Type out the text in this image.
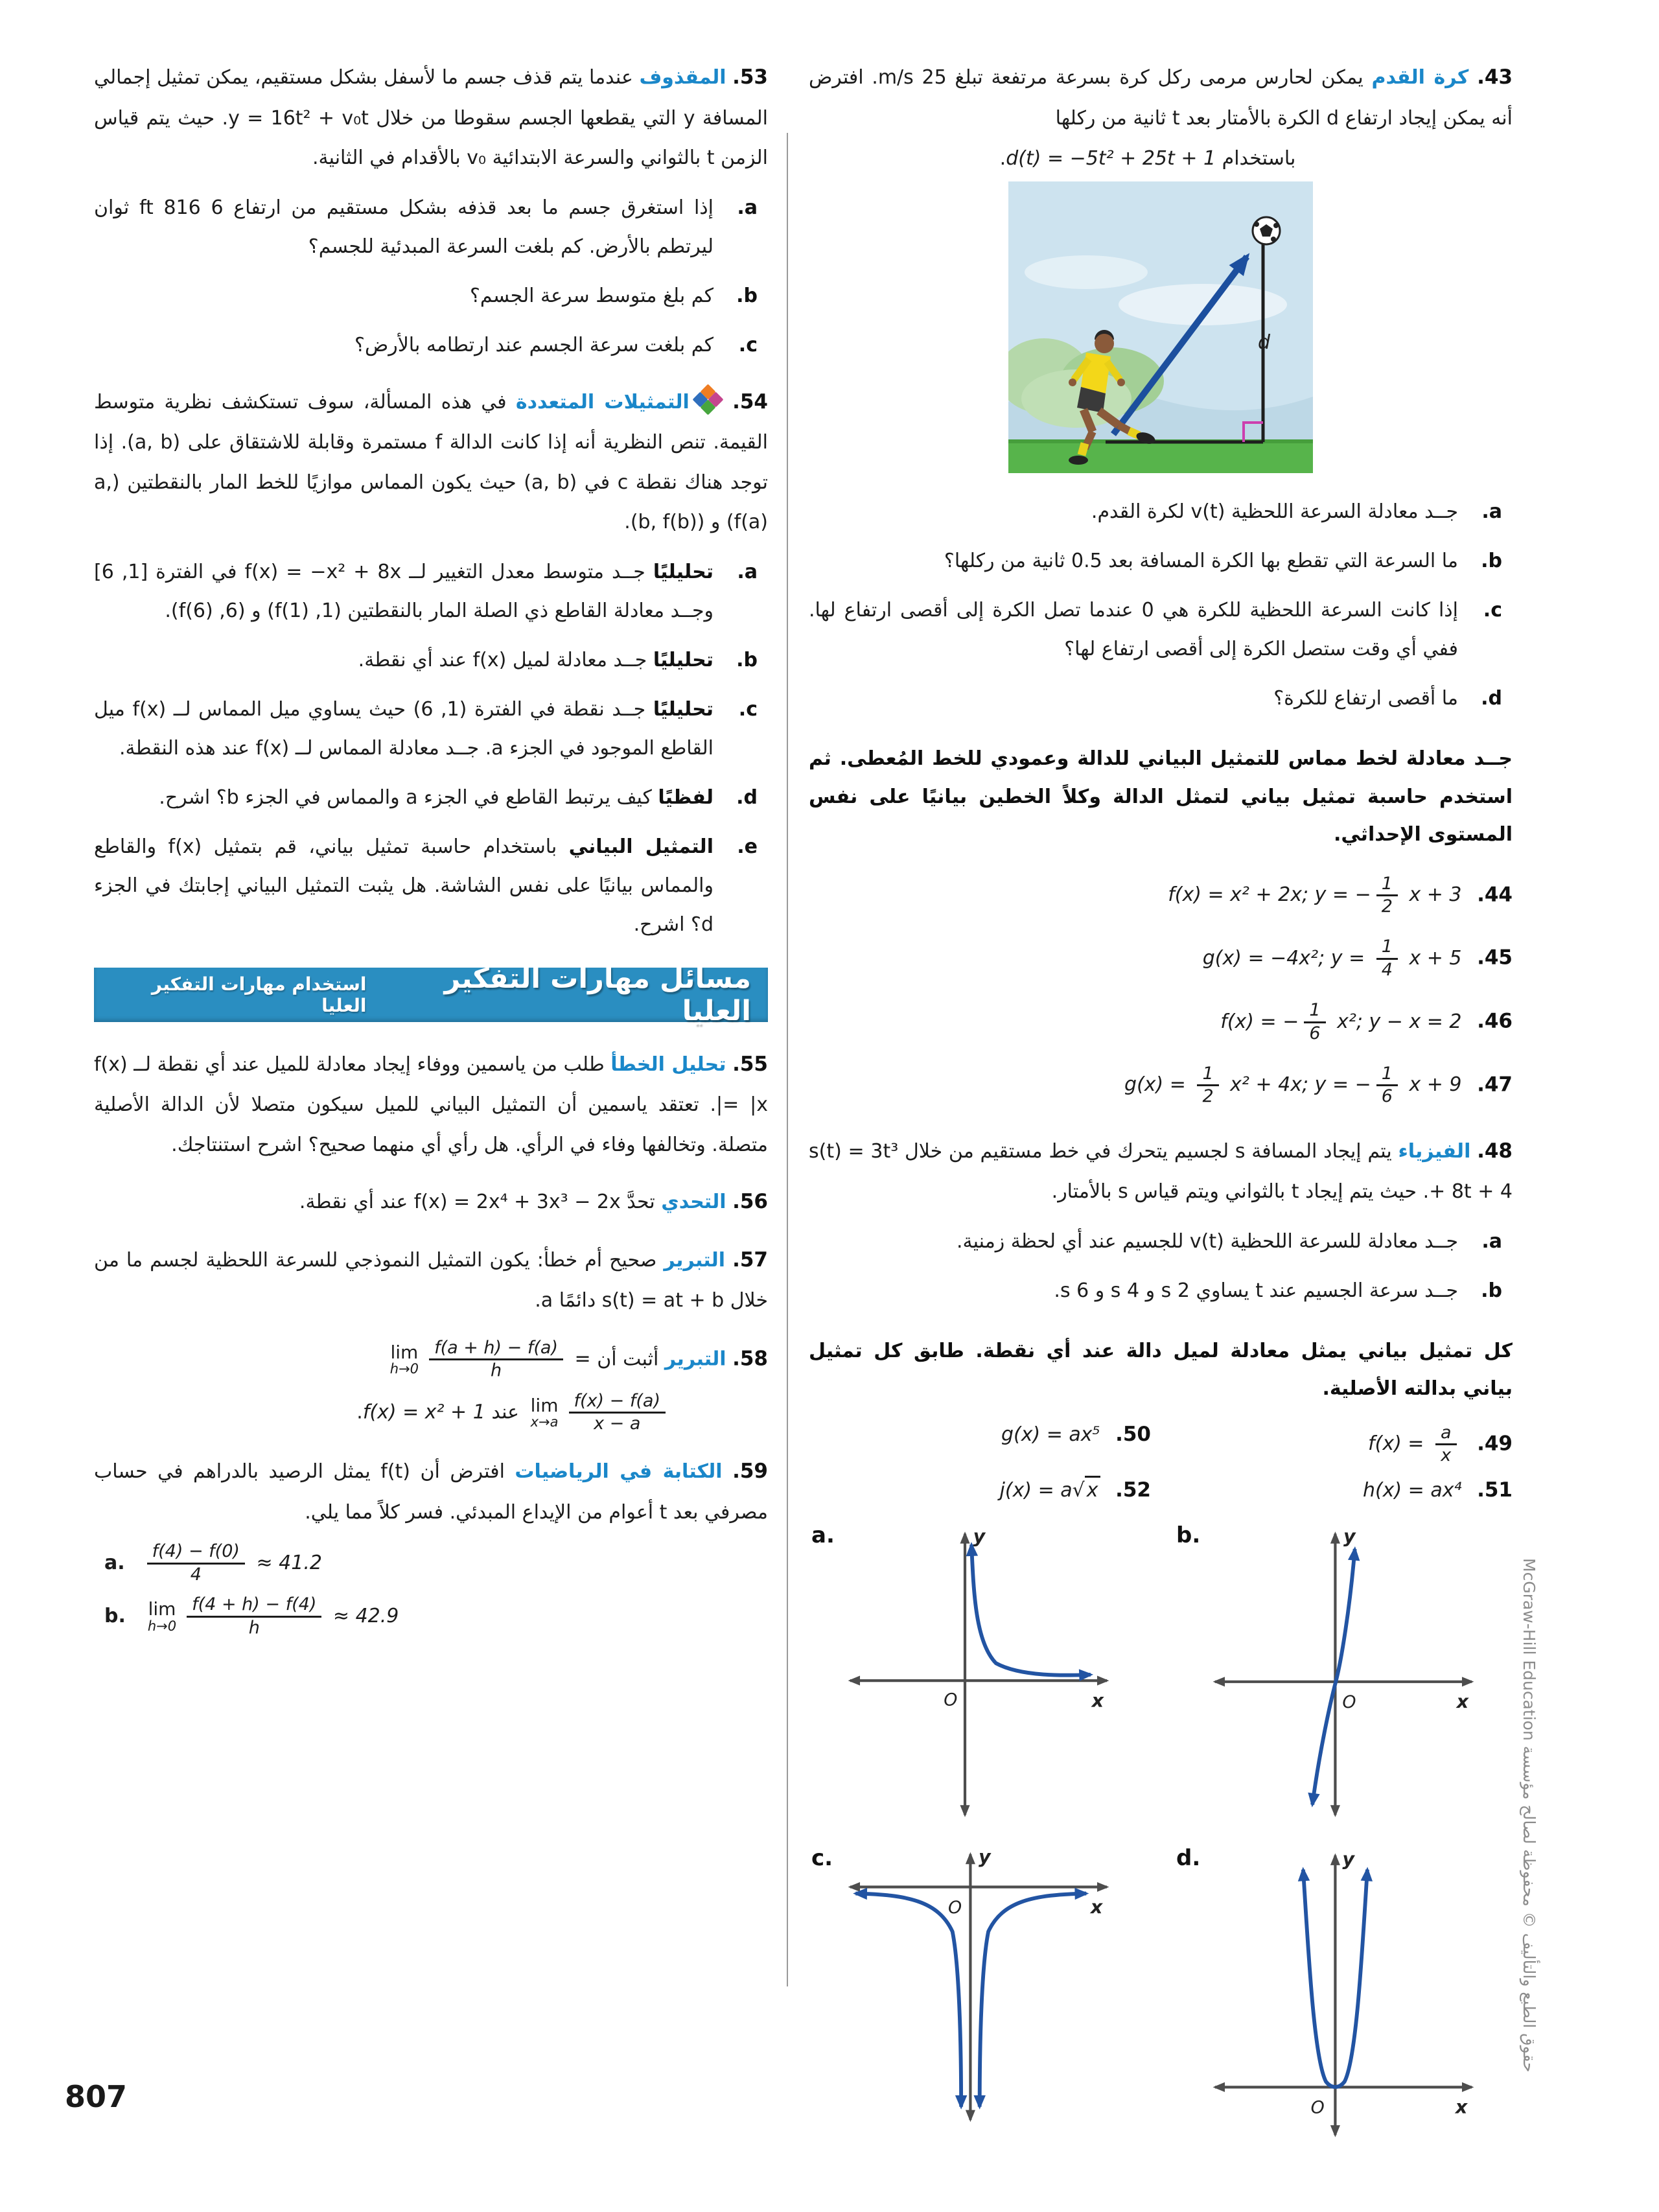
43. كرة القدم يمكن لحارس مرمى ركل كرة بسرعة مرتفعة تبلغ 25 m/s. افترض أنه يمكن إيجاد ارتفاع d الكرة بالأمتار بعد t ثانية من ركلها

باستخدام d(t) = −5t² + 25t + 1.

d
a.
جــد معادلة السرعة اللحظية v(t) لكرة القدم.
b.
ما السرعة التي تقطع بها الكرة المسافة بعد 0.5 ثانية من ركلها؟
c.
إذا كانت السرعة اللحظية للكرة هي 0 عندما تصل الكرة إلى أقصى ارتفاع لها. ففي أي وقت ستصل الكرة إلى أقصى ارتفاع لها؟
d.
ما أقصى ارتفاع للكرة؟

جــد معادلة لخط مماس للتمثيل البياني للدالة وعمودي للخط المُعطى. ثم استخدم حاسبة تمثيل بياني لتمثل الدالة وكلاً الخطين بيانيًا على نفس المستوى الإحداثي.

44. f(x) = x² + 2x; y = − $\frac{1}{2}$ x + 3
45. g(x) = −4x²; $y = \frac{1}{4}$ x + 5
46. f(x) = − $\frac{1}{6} x^2$; y − x = 2
47. $g(x) = \frac{1}{2} x^2 + 4x$; y = − $\frac{1}{6}$ x + 9

48. الفيزياء يتم إيجاد المسافة s لجسيم يتحرك في خط مستقيم من خلال s(t) = 3t³ + 8t + 4. حيث يتم إيجاد t بالثواني ويتم قياس s بالأمتار.

a.
جــد معادلة للسرعة اللحظية v(t) للجسيم عند أي لحظة زمنية.
b.
جــد سرعة الجسيم عند t يساوي 2 s و 4 s و 6 s.

كل تمثيل بياني يمثل معادلة لميل دالة عند أي نقطة. طابق كل تمثيل بياني بدالته الأصلية.

49. $f(x) = \frac{a}{x}$
50. g(x) = ax⁵
51. h(x) = ax⁴
52. j(x) = a√ x
a.	y
x
O
b.	y
x
O
c.	y
x
O
d.	y
x
O

53. المقذوف عندما يتم قذف جسم ما لأسفل بشكل مستقيم، يمكن تمثيل إجمالي المسافة y التي يقطعها الجسم سقوطا من خلال y = 16t² + v₀t. حيث يتم قياس الزمن t بالثواني والسرعة الابتدائية v₀ بالأقدام في الثانية.

a.
إذا استغرق جسم ما بعد قذفه بشكل مستقيم من ارتفاع 6 816 ft ثوان ليرتطم بالأرض. كم بلغت السرعة المبدئية للجسم؟
b.
كم بلغ متوسط سرعة الجسم؟
c.
كم بلغت سرعة الجسم عند ارتطامه بالأرض؟

54.
التمثيلات المتعددة في هذه المسألة، سوف تستكشف نظرية متوسط القيمة. تنص النظرية أنه إذا كانت الدالة f مستمرة وقابلة للاشتقاق على (a, b). إذا توجد هناك نقطة c في (a, b) حيث يكون المماس موازيًا للخط المار بالنقطتين (a, f(a)) و (b, f(b)).

a.
تحليليًا جــد متوسط معدل التغيير لــ f(x) = −x² + 8x في الفترة [1, 6] وجــد معادلة القاطع ذي الصلة المار بالنقطتين (1, f(1)) و (6, f(6)).
b.
تحليليًا جــد معادلة لميل f(x) عند أي نقطة.
c.
تحليليًا جــد نقطة في الفترة (1, 6) حيث يساوي ميل المماس لــ f(x) ميل القاطع الموجود في الجزء a. جــد معادلة المماس لــ f(x) عند هذه النقطة.
d.
لفظيًا كيف يرتبط القاطع في الجزء a والمماس في الجزء b؟ اشرح.
e.
التمثيل البياني باستخدام حاسبة تمثيل بياني، قم بتمثيل f(x) والقاطع والمماس بيانيًا على نفس الشاشة. هل يثبت التمثيل البياني إجابتك في الجزء d؟ اشرح.
مسائل مهارات التفكير العليا
استخدام مهارات التفكير العليا

55. تحليل الخطأ طلب من ياسمين ووفاء إيجاد معادلة للميل عند أي نقطة لــ f(x) = |x|. تعتقد ياسمين أن التمثيل البياني للميل سيكون متصلا لأن الدالة الأصلية متصلة. وتخالفها وفاء في الرأي. هل رأي أي منهما صحيح؟ اشرح استنتاجك.

56. التحدي تحدَّ f(x) = 2x⁴ + 3x³ − 2x عند أي نقطة.

57. التبرير صحيح أم خطأ: يكون التمثيل النموذجي للسرعة اللحظية لجسم ما من خلال s(t) = at + b دائمًا a.

58. التبرير أثبت أن
lim
$h\to 0 \frac{f(a + h) - f(a)}{h}$ =

lim
$x\to a \frac{f(x) - f(a)}{x - a}$
عند f(x) = x² + 1.

59. الكتابة في الرياضيات افترض أن f(t) يمثل الرصيد بالدراهم في حساب مصرفي بعد t أعوام من الإيداع المبدئي. فسر كلاً مما يلي.

a. $\frac{f(4) - f(0)}{4} \approx 41.2$
b. lim
$h\to 0 \frac{f(4 + h) - f(4)}{h} \approx 42.9$	حقوق الطبع والتأليف © محفوظة لصالح مؤسسة McGraw-Hill Education
807
